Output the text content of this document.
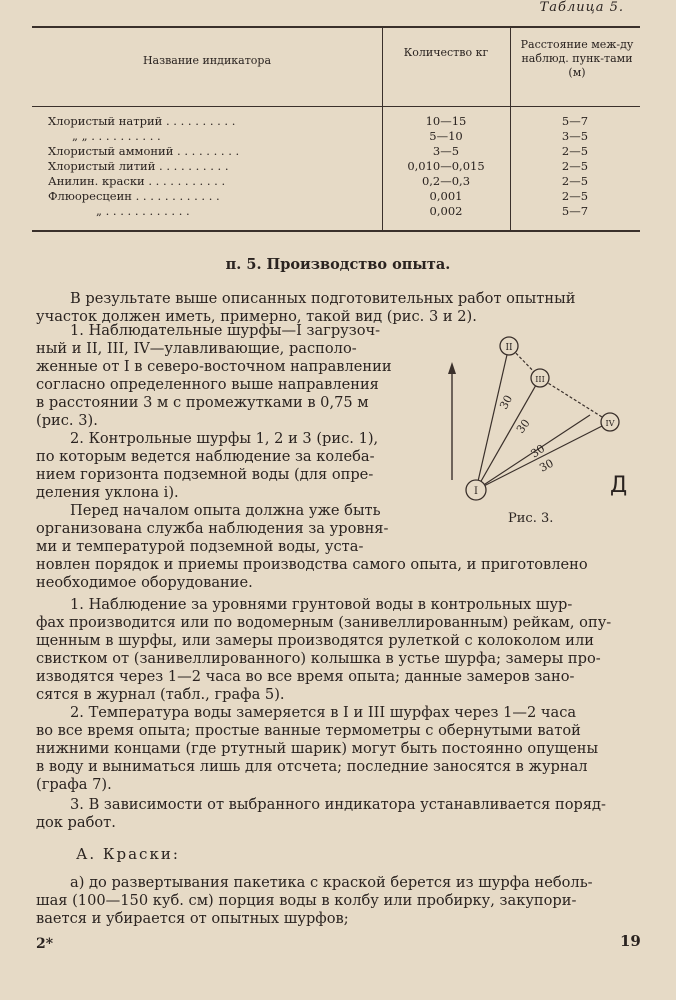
Таблица 5.
Название индикатора
Количество кг
Расстояние меж-ду наблюд. пунк-тами (м)
Хлористый натрий . . . . . . . . . .	10—15	5—7
„ „ . . . . . . . . . .	5—10	3—5
Хлористый аммоний . . . . . . . . .	3—5	2—5
Хлористый литий . . . . . . . . . .	0,010—0,015	2—5
Анилин. краски . . . . . . . . . . .	0,2—0,3	2—5
Флюоресцеин . . . . . . . . . . . .	0,001	2—5
„ . . . . . . . . . . . .	0,002	5—7
п. 5. Производство опыта.
В результате выше описанных подготовительных работ опытный
участок должен иметь, примерно, такой вид (рис. 3 и 2).
1. Наблюдательные шурфы—I загрузоч-
ный и II, III, IV—улавливающие, располо-
женные от I в северо-восточном направлении
согласно определенного выше направления
в расстоянии 3 м с промежутками в 0,75 м
(рис. 3).
2. Контрольные шурфы 1, 2 и 3 (рис. 1),
по которым ведется наблюдение за колеба-
нием горизонта подземной воды (для опре-
деления уклона i).
Перед началом опыта должна уже быть
организована служба наблюдения за уровня-
ми и температурой подземной воды, уста-
новлен порядок и приемы производства самого опыта, и приготовлено
необходимое оборудование.
I
II
III
IV
30
30
30
30
Д
Рис. 3.
1. Наблюдение за уровнями грунтовой воды в контрольных шур-
фах производится или по водомерным (занивеллированным) рейкам, опу-
щенным в шурфы, или замеры производятся рулеткой с колоколом или
свистком от (занивеллированного) колышка в устье шурфа; замеры про-
изводятся через 1—2 часа во все время опыта; данные замеров зано-
сятся в журнал (табл., графа 5).
2. Температура воды замеряется в I и III шурфах через 1—2 часа
во все время опыта; простые ванные термометры с обернутыми ватой
нижними концами (где ртутный шарик) могут быть постоянно опущены
в воду и выниматься лишь для отсчета; последние заносятся в журнал
(графа 7).
3. В зависимости от выбранного индикатора устанавливается поряд-
док работ.
А. Краски:
а) до развертывания пакетика с краской берется из шурфа неболь-
шая (100—150 куб. см) порция воды в колбу или пробирку, закупори-
вается и убирается от опытных шурфов;
2*	19
